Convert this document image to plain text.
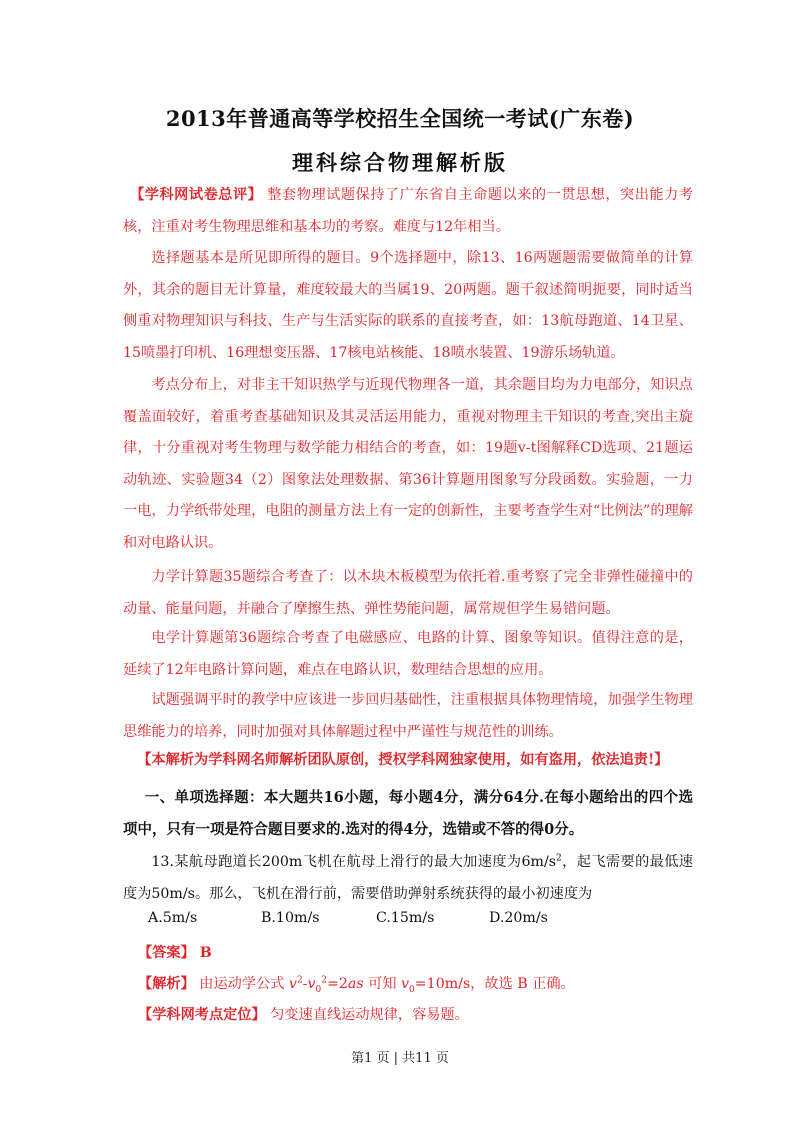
2013年普通高等学校招生全国统一考试(广东卷)
理科综合物理解析版
【学科网试卷总评】 整套物理试题保持了广东省自主命题以来的一贯思想，突出能力考核，注重对考生物理思维和基本功的考察。难度与12年相当。
选择题基本是所见即所得的题目。9个选择题中，除13、16两题题需要做简单的计算外，其余的题目无计算量，难度较最大的当属19、20两题。题干叙述简明扼要，同时适当侧重对物理知识与科技、生产与生活实际的联系的直接考查，如：13航母跑道、14卫星、15喷墨打印机、16理想变压器、17核电站核能、18喷水装置、19游乐场轨道。
考点分布上，对非主干知识热学与近现代物理各一道，其余题目均为力电部分，知识点覆盖面较好，着重考查基础知识及其灵活运用能力，重视对物理主干知识的考查,突出主旋律，十分重视对考生物理与数学能力相结合的考查，如：19题v-t图解释CD选项、21题运动轨迹、实验题34（2）图象法处理数据、第36计算题用图象写分段函数。实验题，一力一电，力学纸带处理，电阻的测量方法上有一定的创新性，主要考查学生对“比例法”的理解和对电路认识。
力学计算题35题综合考查了：以木块木板模型为依托着.重考察了完全非弹性碰撞中的动量、能量问题，并融合了摩擦生热、弹性势能问题，属常规但学生易错问题。
电学计算题第36题综合考查了电磁感应、电路的计算、图象等知识。值得注意的是，延续了12年电路计算问题，难点在电路认识，数理结合思想的应用。
试题强调平时的教学中应该进一步回归基础性，注重根据具体物理情境，加强学生物理思维能力的培养，同时加强对具体解题过程中严谨性与规范性的训练。
【本解析为学科网名师解析团队原创，授权学科网独家使用，如有盗用，依法追责!】
一、单项选择题：本大题共16小题，每小题4分，满分64分.在每小题给出的四个选项中，只有一项是符合题目要求的.选对的得4分，选错或不答的得0分。
13.某航母跑道长200m飞机在航母上滑行的最大加速度为$6m/s^2$，起飞需要的最低速度为50m/s。那么，飞机在滑行前，需要借助弹射系统获得的最小初速度为
A.5m/s	B.10m/s	C.15m/s	D.20m/s
【答案】 B
【解析】 由运动学公式 $v^2-v_0^2=2as$ 可知 $v_0=10m/s$，故选 B 正确。
【学科网考点定位】 匀变速直线运动规律，容易题。
第1 页 | 共11 页
